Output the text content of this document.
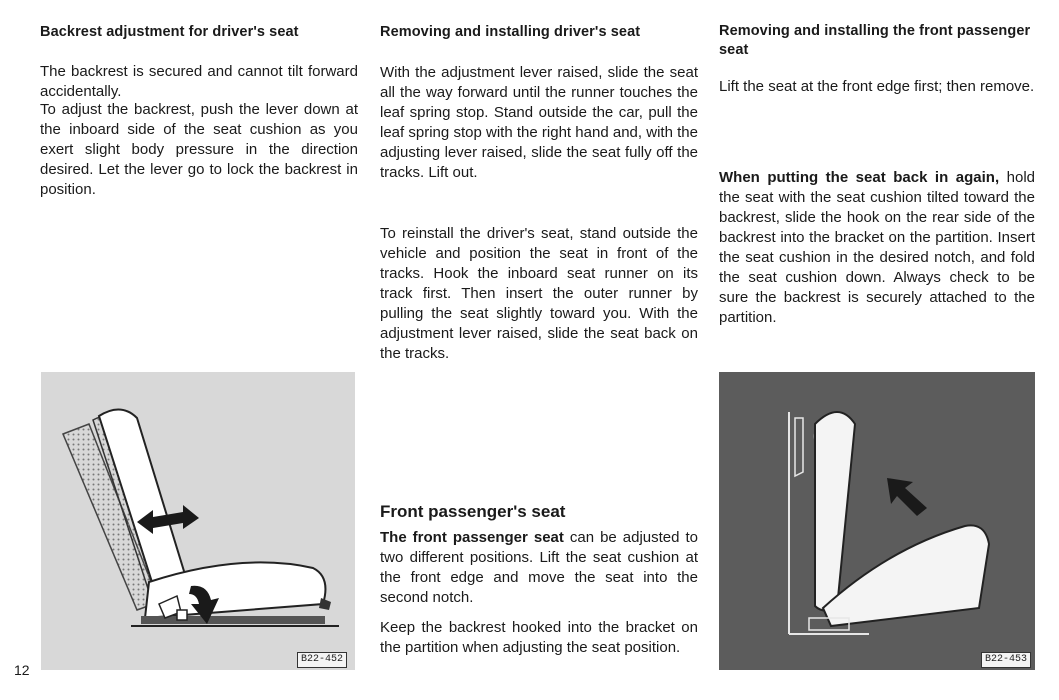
Backrest adjustment for driver's seat

The backrest is secured and cannot tilt forward accidentally.

To adjust the backrest, push the lever down at the inboard side of the seat cushion as you exert slight body pressure in the direction desired. Let the lever go to lock the backrest in position.

Removing and installing driver's seat

With the adjustment lever raised, slide the seat all the way forward until the runner touches the leaf spring stop. Stand outside the car, pull the leaf spring stop with the right hand and, with the adjusting lever raised, slide the seat fully off the tracks. Lift out.

To reinstall the driver's seat, stand outside the vehicle and position the seat in front of the tracks. Hook the inboard seat runner on its track first. Then insert the outer runner by pulling the seat slightly toward you. With the adjustment lever raised, slide the seat back on the tracks.

Front passenger's seat

The front passenger seat can be adjusted to two different positions. Lift the seat cushion at the front edge and move the seat into the second notch.

Keep the backrest hooked into the bracket on the partition when adjusting the seat position.

Removing and installing the front passenger seat

Lift the seat at the front edge first; then remove.

When putting the seat back in again, hold the seat with the seat cushion tilted toward the backrest, slide the hook on the rear side of the backrest into the bracket on the partition. Insert the seat cushion in the desired notch, and fold the seat cushion down. Always check to be sure the backrest is securely attached to the partition.

B22-452	B22-453
12
